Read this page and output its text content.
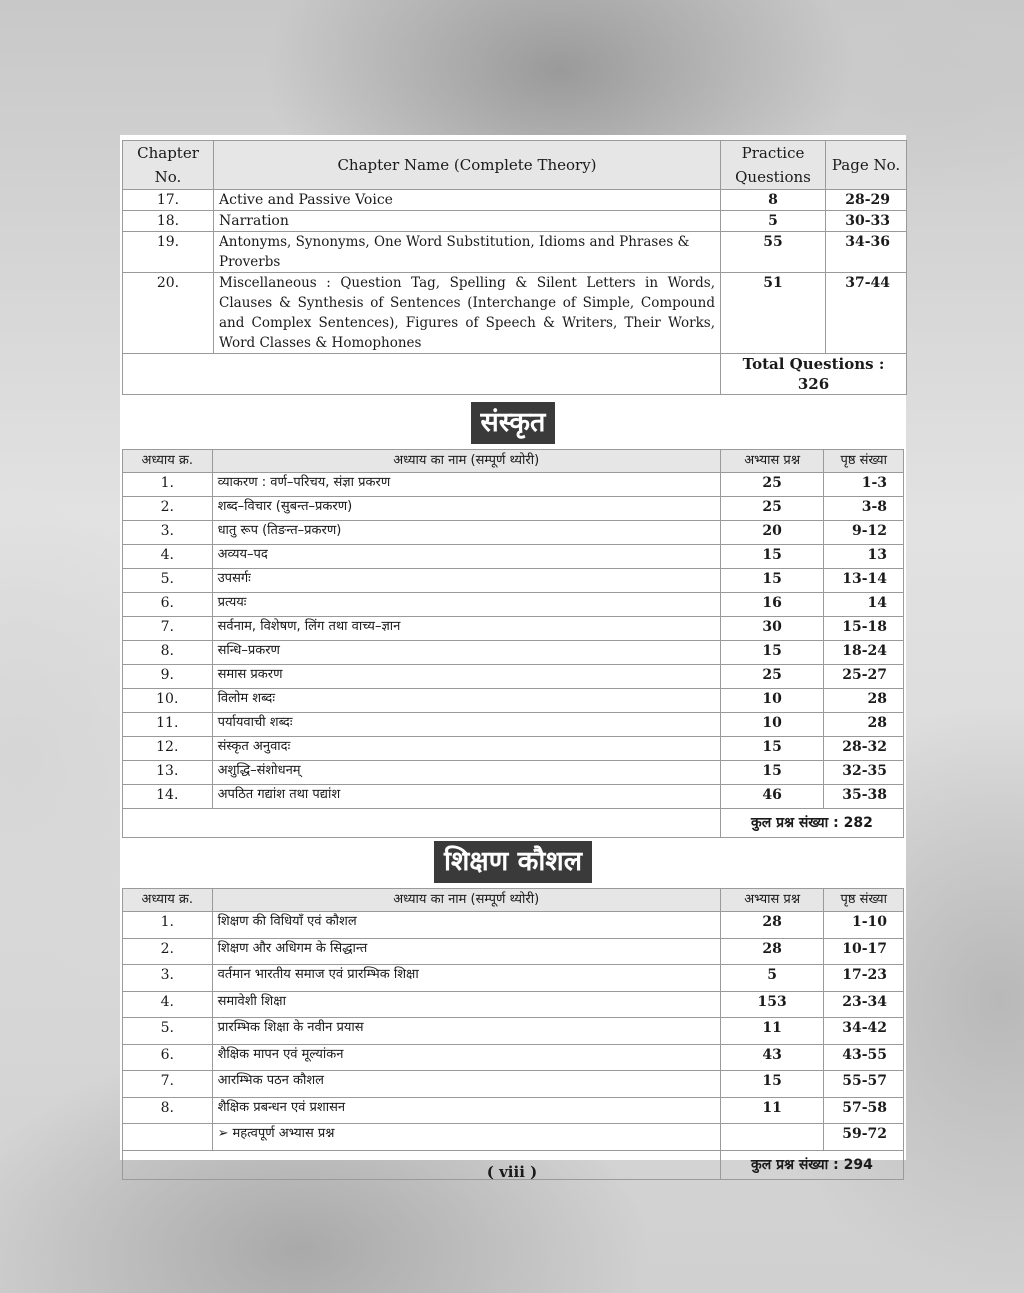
Chapter No.	Chapter Name (Complete Theory)	Practice Questions	Page No.
17.	Active and Passive Voice	8	28-29
18.	Narration	5	30-33
19.	Antonyms, Synonyms, One Word Substitution, Idioms and Phrases & Proverbs	55	34-36
20.	Miscellaneous : Question Tag, Spelling & Silent Letters in Words, Clauses & Synthesis of Sentences (Interchange of Simple, Compound and Complex Sentences), Figures of Speech & Writers, Their Works, Word Classes & Homophones	51	37-44
		Total Questions : 326	
संस्कृत
अध्याय क्र.	अध्याय का नाम (सम्पूर्ण थ्योरी)	अभ्यास प्रश्न	पृष्ठ संख्या
1.	व्याकरण : वर्ण–परिचय, संज्ञा प्रकरण	25	1-3
2.	शब्द–विचार (सुबन्त–प्रकरण)	25	3-8
3.	धातु रूप (तिङन्त–प्रकरण)	20	9-12
4.	अव्यय–पद	15	13
5.	उपसर्गः	15	13-14
6.	प्रत्ययः	16	14
7.	सर्वनाम, विशेषण, लिंग तथा वाच्य–ज्ञान	30	15-18
8.	सन्धि–प्रकरण	15	18-24
9.	समास प्रकरण	25	25-27
10.	विलोम शब्दः	10	28
11.	पर्यायवाची शब्दः	10	28
12.	संस्कृत अनुवादः	15	28-32
13.	अशुद्धि–संशोधनम्	15	32-35
14.	अपठित गद्यांश तथा पद्यांश	46	35-38
		कुल प्रश्न संख्या : 282	
शिक्षण कौशल
अध्याय क्र.	अध्याय का नाम (सम्पूर्ण थ्योरी)	अभ्यास प्रश्न	पृष्ठ संख्या
1.	शिक्षण की विधियाँ एवं कौशल	28	1-10
2.	शिक्षण और अधिगम के सिद्धान्त	28	10-17
3.	वर्तमान भारतीय समाज एवं प्रारम्भिक शिक्षा	5	17-23
4.	समावेशी शिक्षा	153	23-34
5.	प्रारम्भिक शिक्षा के नवीन प्रयास	11	34-42
6.	शैक्षिक मापन एवं मूल्यांकन	43	43-55
7.	आरम्भिक पठन कौशल	15	55-57
8.	शैक्षिक प्रबन्धन एवं प्रशासन	11	57-58
	➢ महत्वपूर्ण अभ्यास प्रश्न		59-72
		कुल प्रश्न संख्या : 294	
( viii )
